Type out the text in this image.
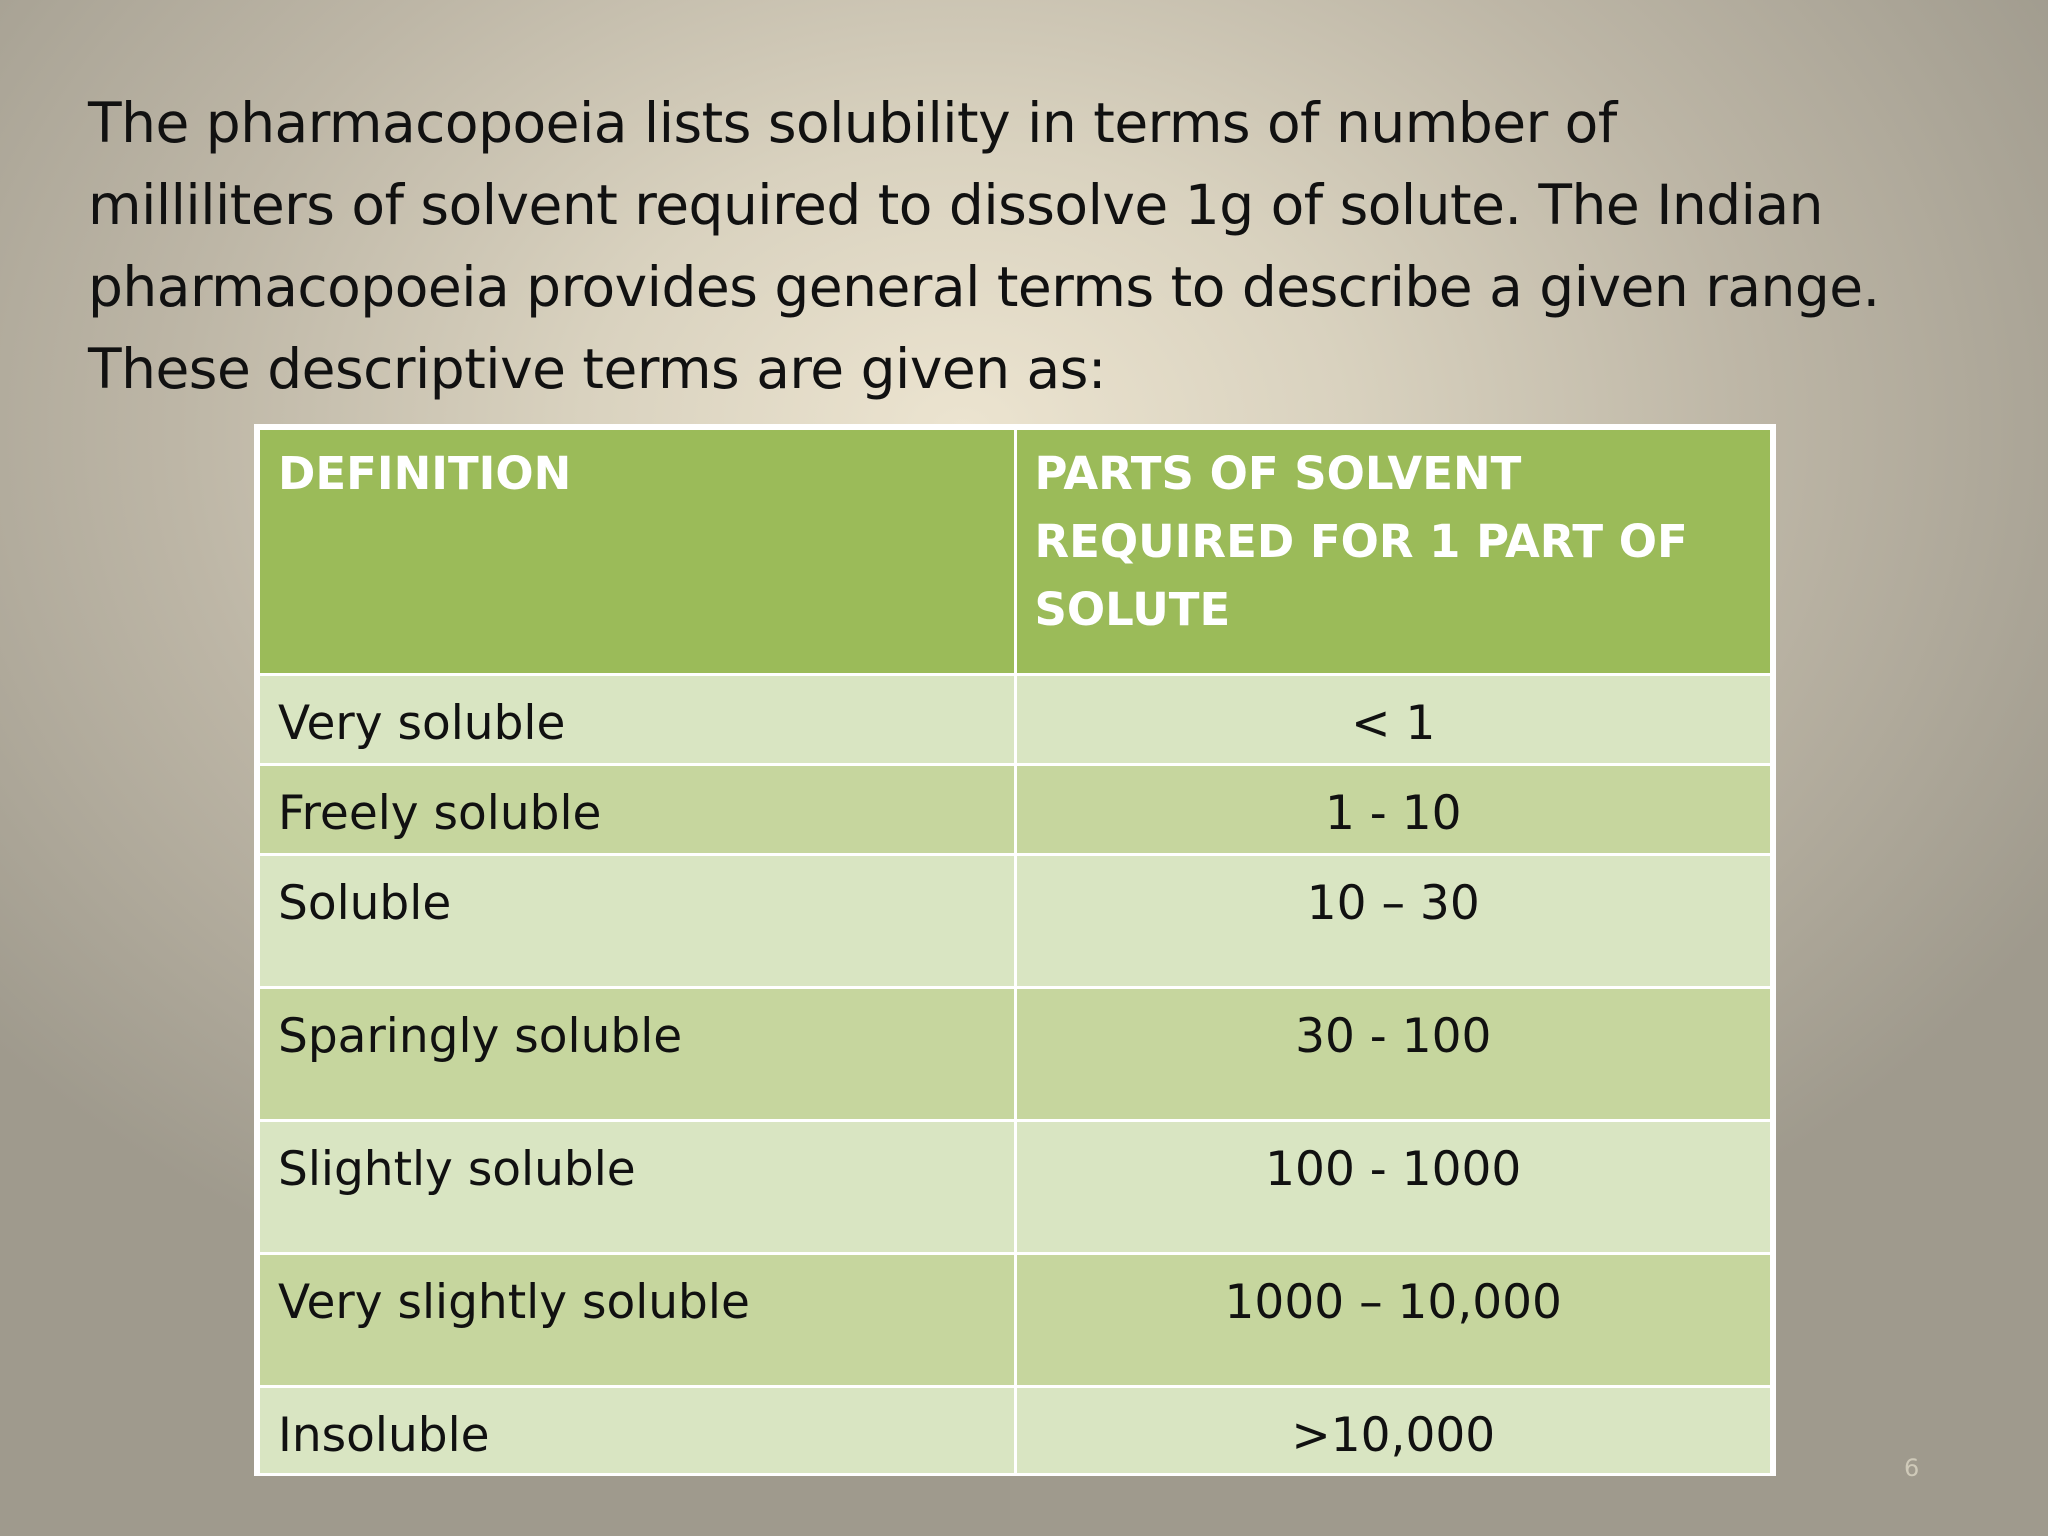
The pharmacopoeia lists solubility in terms of number of
milliliters of solvent required to dissolve 1g of solute. The Indian
pharmacopoeia provides general terms to describe a given range.
These descriptive terms are given as:

DEFINITION	PARTS OF SOLVENT REQUIRED FOR 1 PART OF SOLUTE
Very soluble	< 1
Freely soluble	1 - 10
Soluble	10 – 30
Sparingly soluble	30 - 100
Slightly soluble	100 - 1000
Very slightly soluble	1000 – 10,000
Insoluble	>10,000
6
